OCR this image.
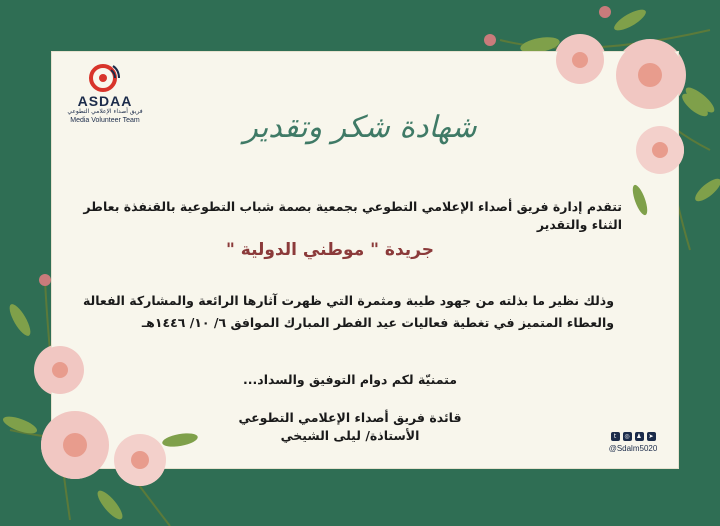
ASDAA
فريق أصداء الإعلامي التطوعي
Media Volunteer Team	شهادة شكر وتقدير
تتقدم إدارة فريق أصداء الإعلامي التطوعي بجمعية بصمة شباب التطوعية بالقنفذة بعاطر الثناء والتقدير
جريدة " موطني الدولية "
وذلك نظير ما بذلته من جهود طيبة ومثمرة التي ظهرت آثارها الرائعة والمشاركة الفعالة
والعطاء المتميز في تغطية فعاليات عيد الفطر المبارك الموافق ٦/ ١٠/ ١٤٤٦هـ
متمنيّة لكم دوام التوفيق والسداد...
قائدة فريق أصداء الإعلامي التطوعي
الأستاذة/ ليلى الشيخي	t	◎	♟	➤
@Sdalm5020
